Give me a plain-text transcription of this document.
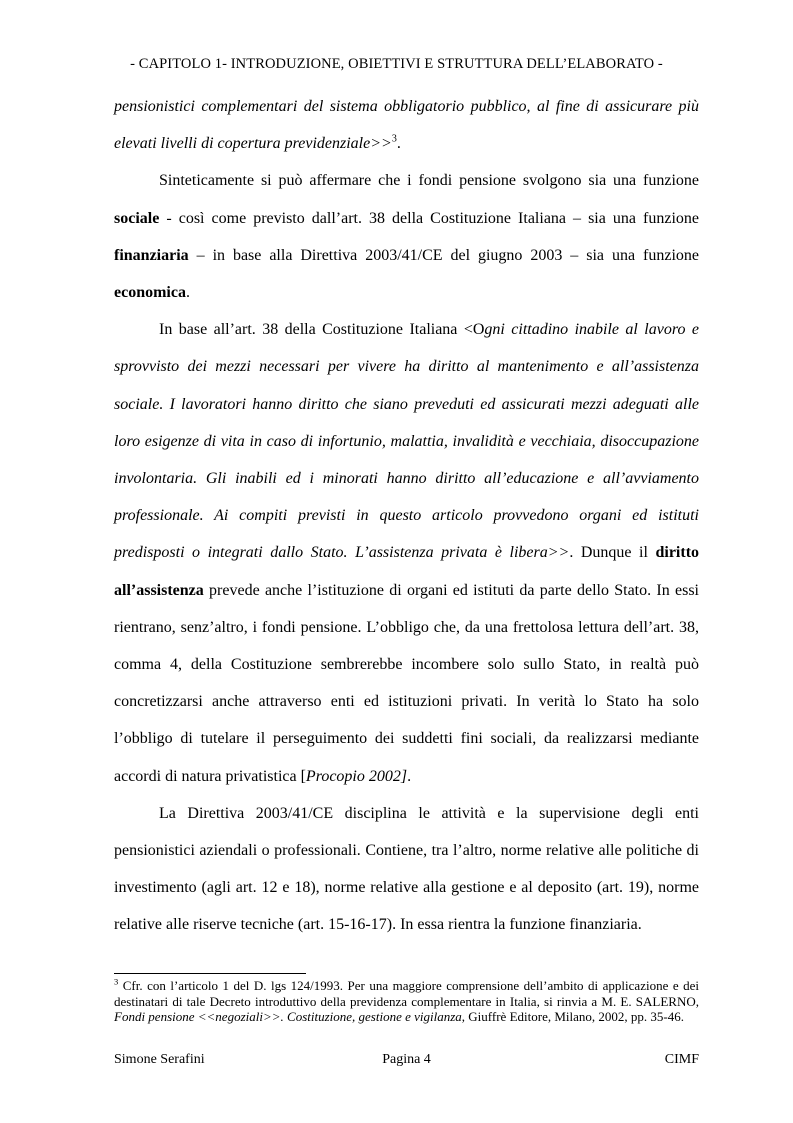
- CAPITOLO 1- INTRODUZIONE, OBIETTIVI E STRUTTURA DELL’ELABORATO -

pensionistici complementari del sistema obbligatorio pubblico, al fine di assicurare più elevati livelli di copertura previdenziale>>$^3$.

Sinteticamente si può affermare che i fondi pensione svolgono sia una funzione sociale - così come previsto dall’art. 38 della Costituzione Italiana – sia una funzione finanziaria – in base alla Direttiva 2003/41/CE del giugno 2003 – sia una funzione economica.

In base all’art. 38 della Costituzione Italiana <Ogni cittadino inabile al lavoro e sprovvisto dei mezzi necessari per vivere ha diritto al mantenimento e all’assistenza sociale. I lavoratori hanno diritto che siano preveduti ed assicurati mezzi adeguati alle loro esigenze di vita in caso di infortunio, malattia, invalidità e vecchiaia, disoccupazione involontaria. Gli inabili ed i minorati hanno diritto all’educazione e all’avviamento professionale. Ai compiti previsti in questo articolo provvedono organi ed istituti predisposti o integrati dallo Stato. L’assistenza privata è libera>>. Dunque il diritto all’assistenza prevede anche l’istituzione di organi ed istituti da parte dello Stato. In essi rientrano, senz’altro, i fondi pensione. L’obbligo che, da una frettolosa lettura dell’art. 38, comma 4, della Costituzione sembrerebbe incombere solo sullo Stato, in realtà può concretizzarsi anche attraverso enti ed istituzioni privati. In verità lo Stato ha solo l’obbligo di tutelare il perseguimento dei suddetti fini sociali, da realizzarsi mediante accordi di natura privatistica [Procopio 2002].

La Direttiva 2003/41/CE disciplina le attività e la supervisione degli enti pensionistici aziendali o professionali. Contiene, tra l’altro, norme relative alle politiche di investimento (agli art. 12 e 18), norme relative alla gestione e al deposito (art. 19), norme relative alle riserve tecniche (art. 15-16-17). In essa rientra la funzione finanziaria.

$^3$ Cfr. con l’articolo 1 del D. lgs 124/1993. Per una maggiore comprensione dell’ambito di applicazione e dei destinatari di tale Decreto introduttivo della previdenza complementare in Italia, si rinvia a M. E. SALERNO, Fondi pensione <<negoziali>>. Costituzione, gestione e vigilanza, Giuffrè Editore, Milano, 2002, pp. 35-46.
Simone Serafini	Pagina 4	CIMF
